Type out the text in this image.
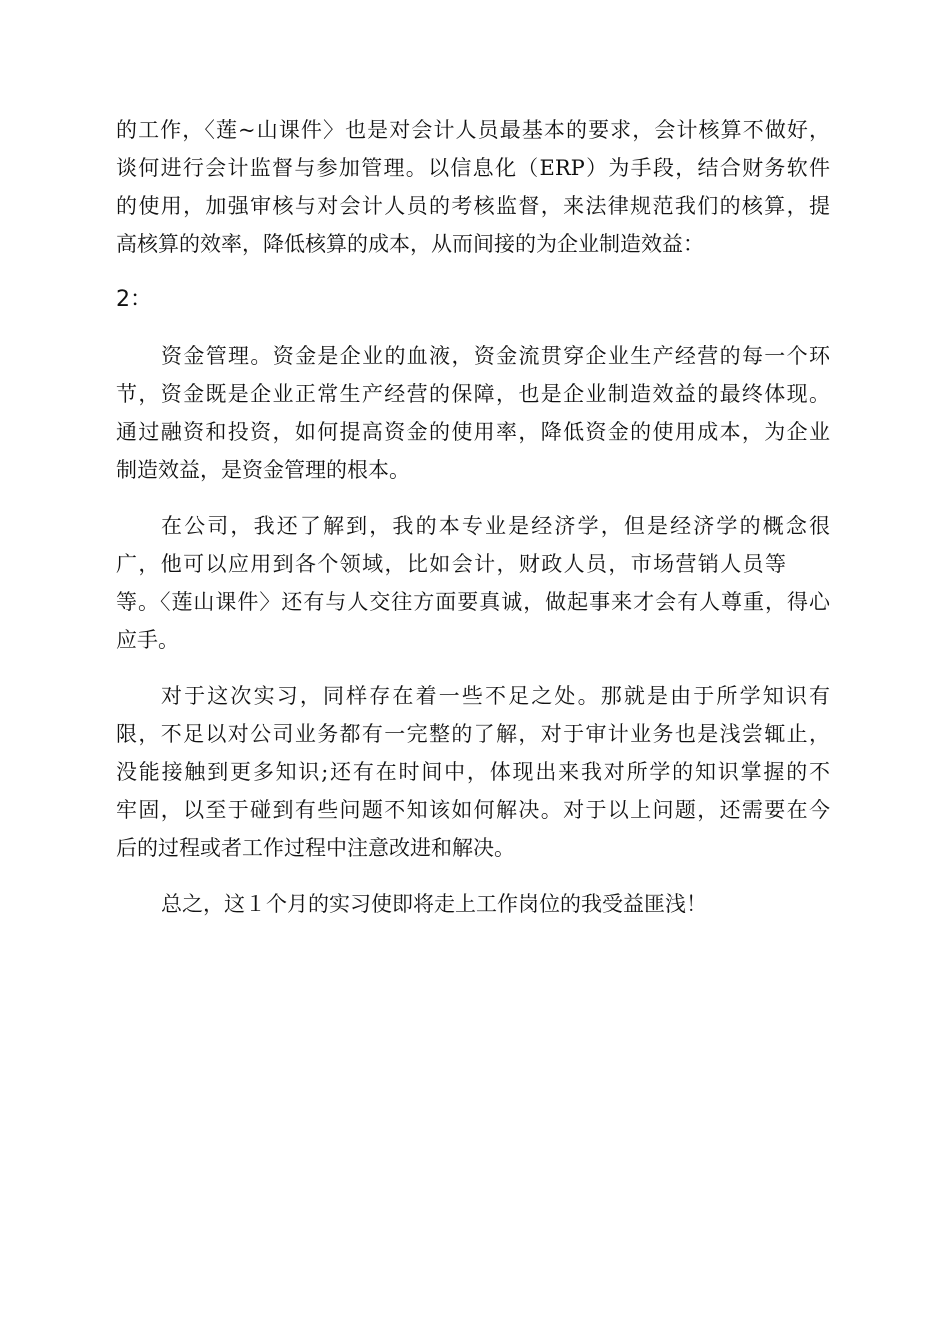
的工作，〈莲~山课件〉也是对会计人员最基本的要求，会计核算不做好，

谈何进行会计监督与参加管理。以信息化（ERP）为手段，结合财务软件

的使用，加强审核与对会计人员的考核监督，来法律规范我们的核算，提

高核算的效率，降低核算的成本，从而间接的为企业制造效益：

2：

资金管理。资金是企业的血液，资金流贯穿企业生产经营的每一个环

节，资金既是企业正常生产经营的保障，也是企业制造效益的最终体现。

通过融资和投资，如何提高资金的使用率，降低资金的使用成本，为企业

制造效益，是资金管理的根本。

在公司，我还了解到，我的本专业是经济学，但是经济学的概念很

广，他可以应用到各个领域，比如会计，财政人员，市场营销人员等

等。〈莲山课件〉还有与人交往方面要真诚，做起事来才会有人尊重，得心

应手。

对于这次实习，同样存在着一些不足之处。那就是由于所学知识有

限，不足以对公司业务都有一完整的了解，对于审计业务也是浅尝辄止，

没能接触到更多知识;还有在时间中，体现出来我对所学的知识掌握的不

牢固，以至于碰到有些问题不知该如何解决。对于以上问题，还需要在今

后的过程或者工作过程中注意改进和解决。

总之，这１个月的实习使即将走上工作岗位的我受益匪浅！
